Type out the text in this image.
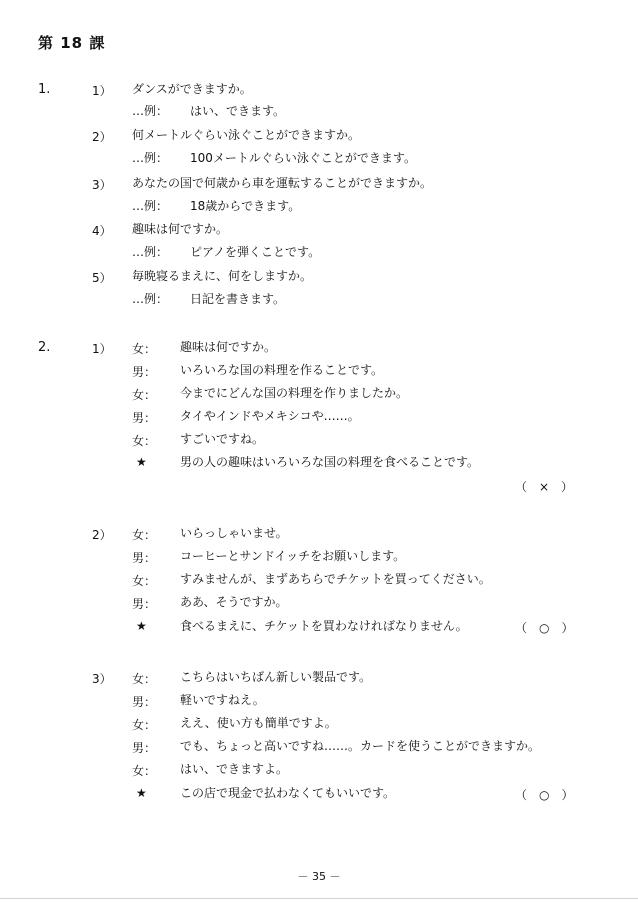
第 18 課
1.	1） ダンスができますか。
…例： はい、できます。
2） 何メートルぐらい泳ぐことができますか。
…例： 100メートルぐらい泳ぐことができます。
3） あなたの国で何歳から車を運転することができますか。
…例： 18歳からできます。
4） 趣味は何ですか。
…例： ピアノを弾くことです。
5） 毎晩寝るまえに、何をしますか。
…例： 日記を書きます。
2.	1） 女： 趣味は何ですか。
男： いろいろな国の料理を作ることです。
女： 今までにどんな国の料理を作りましたか。
男： タイやインドやメキシコや……。
女： すごいですね。
★	男の人の趣味はいろいろな国の料理を食べることです。
（　×　）
2） 女： いらっしゃいませ。
男： コーヒーとサンドイッチをお願いします。
女： すみませんが、まずあちらでチケットを買ってください。
男： ああ、そうですか。
★	食べるまえに、チケットを買わなければなりません。	（　○　）
3） 女： こちらはいちばん新しい製品です。
男： 軽いですねえ。
女： ええ、使い方も簡単ですよ。
男： でも、ちょっと高いですね……。カードを使うことができますか。
女： はい、できますよ。
★	この店で現金で払わなくてもいいです。	（　○　）
－ 35 －
